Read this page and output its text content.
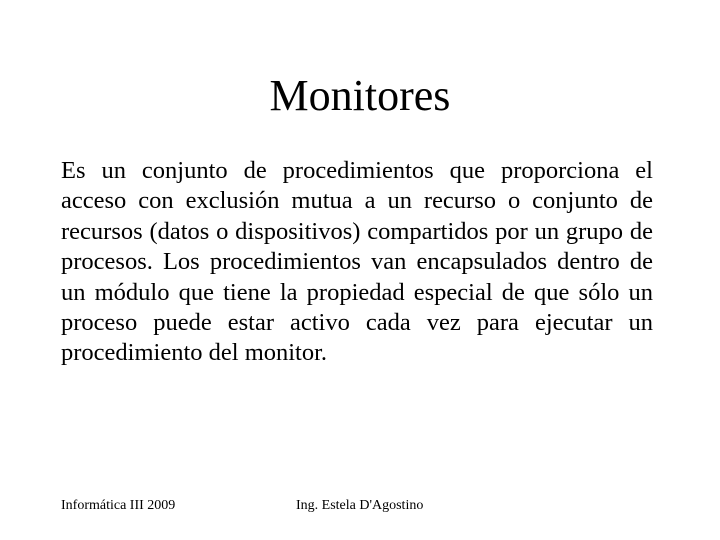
Monitores

Es un conjunto de procedimientos que proporciona el acceso con exclusión mutua a un recurso o conjunto de recursos (datos o dispositivos) compartidos por un grupo de procesos. Los procedimientos van encapsulados dentro de un módulo que tiene la propiedad especial de que sólo un proceso puede estar activo cada vez para ejecutar un procedimiento del monitor.

Informática III 2009	Ing. Estela D'Agostino
